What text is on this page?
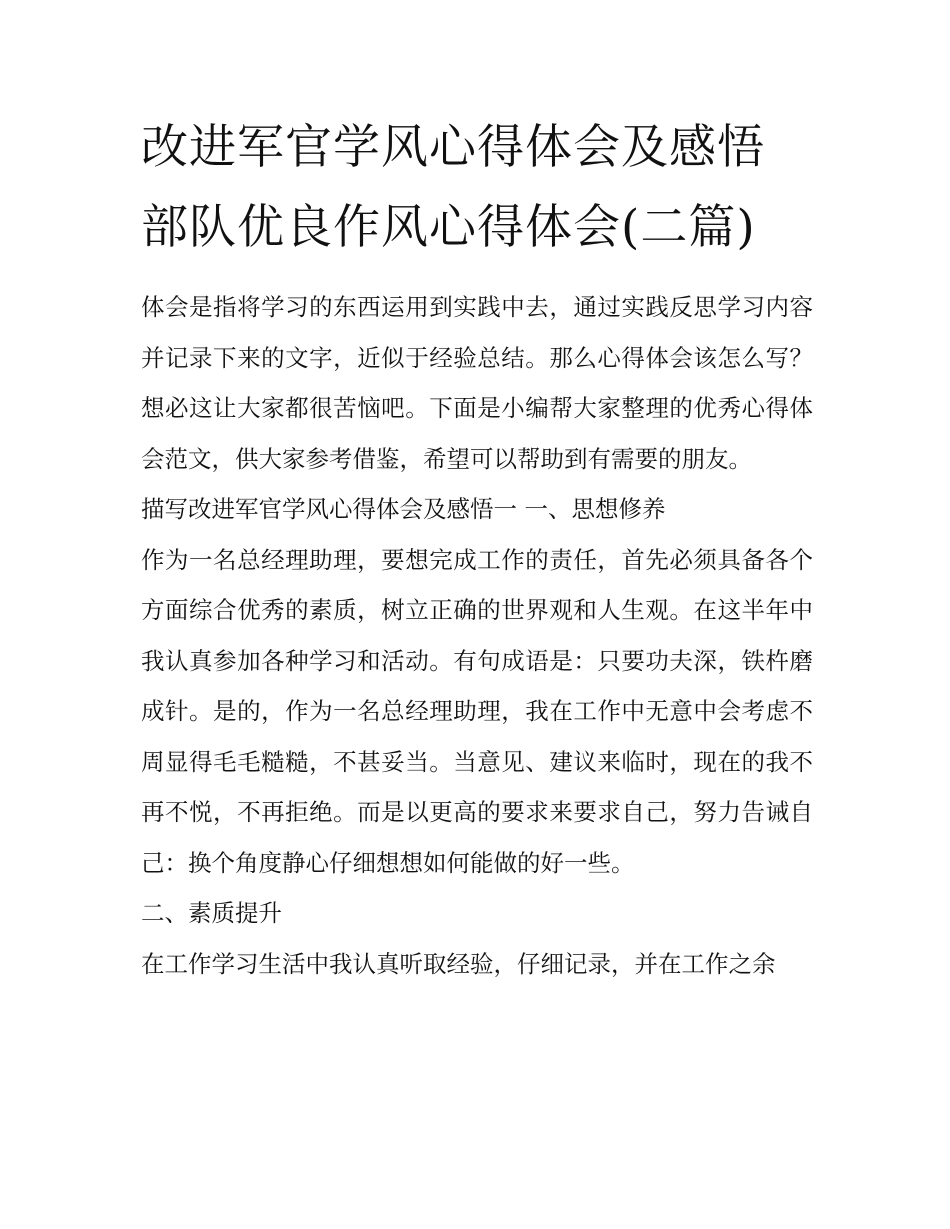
改进军官学风心得体会及感悟
部队优良作风心得体会(二篇)

体会是指将学习的东西运用到实践中去，通过实践反思学习内容并记录下来的文字，近似于经验总结。那么心得体会该怎么写？想必这让大家都很苦恼吧。下面是小编帮大家整理的优秀心得体会范文，供大家参考借鉴，希望可以帮助到有需要的朋友。

描写改进军官学风心得体会及感悟一 一、思想修养

作为一名总经理助理，要想完成工作的责任，首先必须具备各个方面综合优秀的素质，树立正确的世界观和人生观。在这半年中我认真参加各种学习和活动。有句成语是：只要功夫深，铁杵磨成针。是的，作为一名总经理助理，我在工作中无意中会考虑不周显得毛毛糙糙，不甚妥当。当意见、建议来临时，现在的我不再不悦，不再拒绝。而是以更高的要求来要求自己，努力告诫自己：换个角度静心仔细想想如何能做的好一些。

二、素质提升

在工作学习生活中我认真听取经验，仔细记录，并在工作之余
